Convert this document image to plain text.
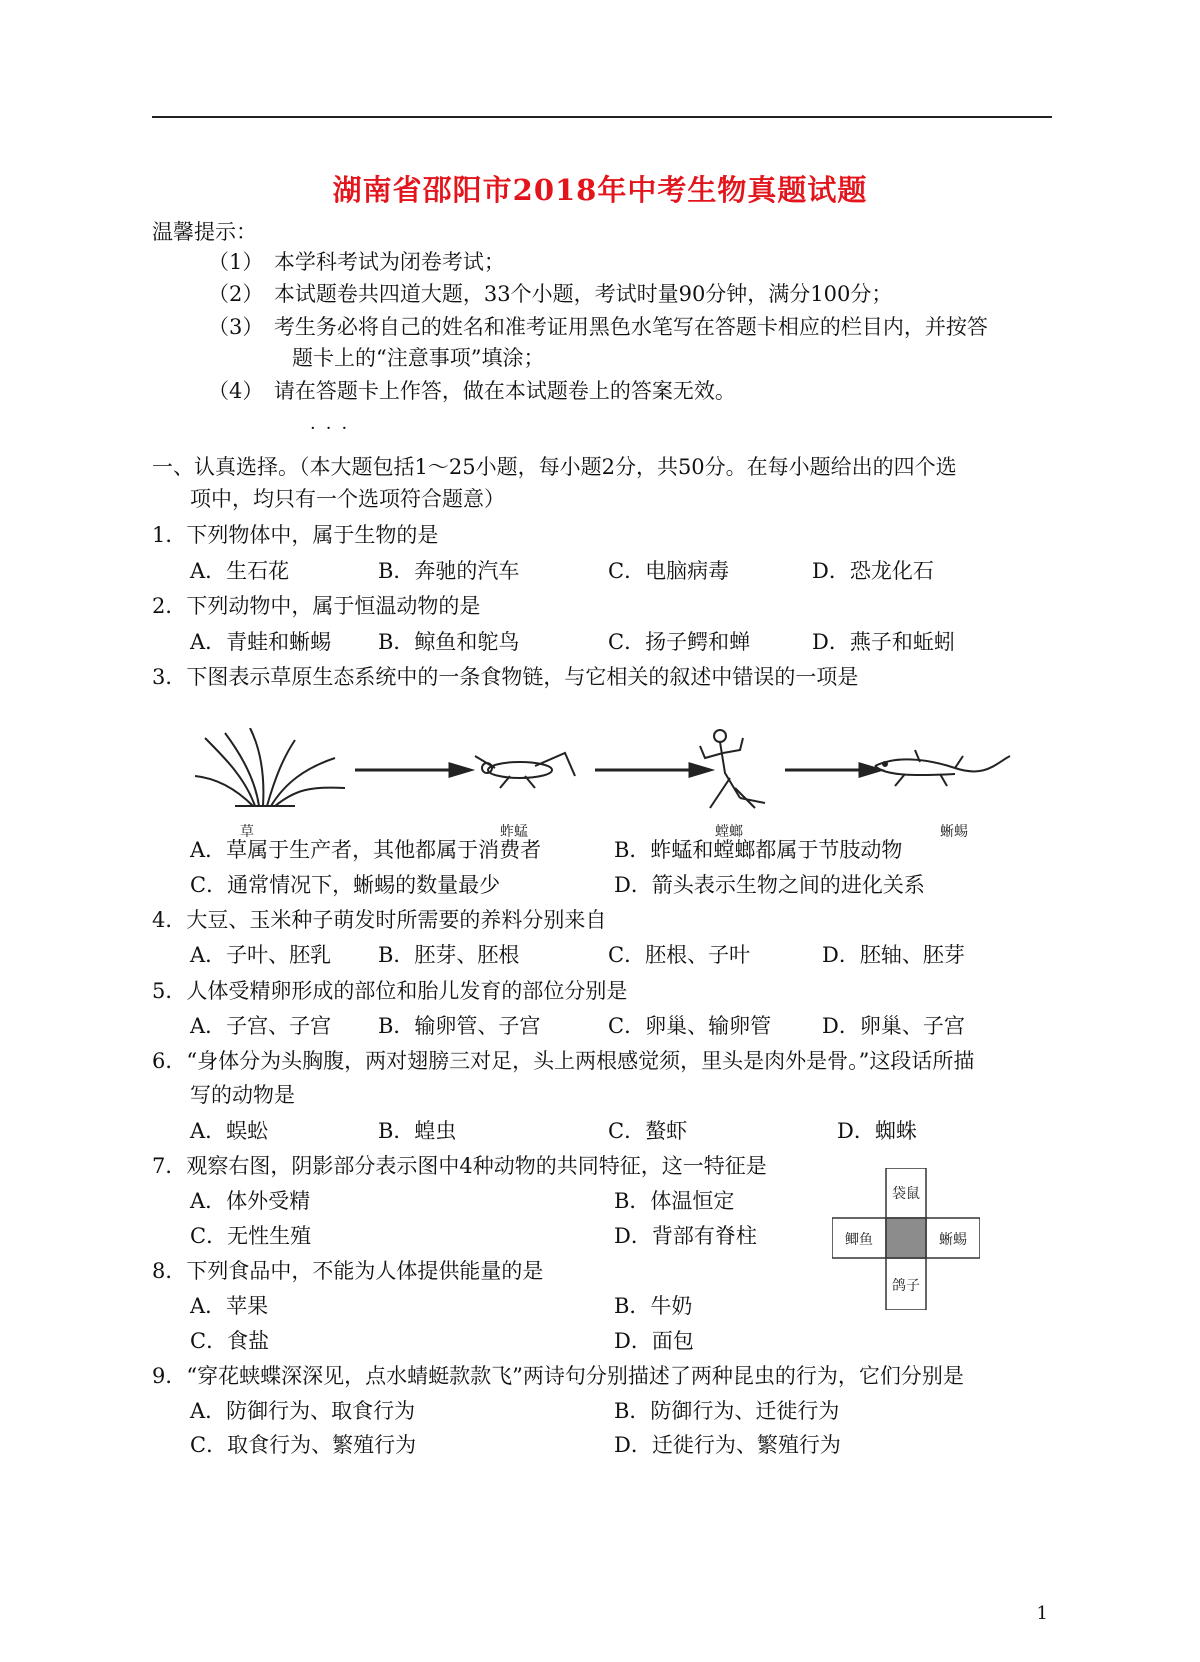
湖南省邵阳市2018年中考生物真题试题
温馨提示：
（1）　本学科考试为闭卷考试；
（2）　本试题卷共四道大题，33个小题，考试时量90分钟，满分100分；
（3）　考生务必将自己的姓名和准考证用黑色水笔写在答题卡相应的栏目内，并按答
　　　　题卡上的“注意事项”填涂；
（4）　请在答题卡上作答，做在本试题卷上的答案无效。
···
一、认真选择。（本大题包括1～25小题，每小题2分，共50分。在每小题给出的四个选
项中，均只有一个选项符合题意）
1．下列物体中，属于生物的是
A．生石花	B．奔驰的汽车	C．电脑病毒	D．恐龙化石
2．下列动物中，属于恒温动物的是
A．青蛙和蜥蜴 B．鲸鱼和鸵鸟	C．扬子鳄和蝉	D．燕子和蚯蚓
3．下图表示草原生态系统中的一条食物链，与它相关的叙述中错误的一项是
草	蚱蜢	螳螂	蜥蜴
A．草属于生产者，其他都属于消费者	B．蚱蜢和螳螂都属于节肢动物
C．通常情况下，蜥蜴的数量最少	D．箭头表示生物之间的进化关系
4．大豆、玉米种子萌发时所需要的养料分别来自
A．子叶、胚乳 B．胚芽、胚根	C．胚根、子叶	D．胚轴、胚芽
5．人体受精卵形成的部位和胎儿发育的部位分别是
A．子宫、子宫 B．输卵管、子宫	C．卵巢、输卵管 D．卵巢、子宫
6．“身体分为头胸腹，两对翅膀三对足，头上两根感觉须，里头是肉外是骨。”这段话所描
写的动物是
A．蜈蚣	B．蝗虫	C．螯虾	D．蜘蛛
7．观察右图，阴影部分表示图中4种动物的共同特征，这一特征是
A．体外受精	B．体温恒定
C．无性生殖	D．背部有脊柱
袋鼠
鲫鱼	蜥蜴
鸽子
8．下列食品中，不能为人体提供能量的是
A．苹果	B．牛奶
C．食盐	D．面包
9．“穿花蛱蝶深深见，点水蜻蜓款款飞”两诗句分别描述了两种昆虫的行为，它们分别是
A．防御行为、取食行为	B．防御行为、迁徙行为
C．取食行为、繁殖行为	D．迁徙行为、繁殖行为
1
